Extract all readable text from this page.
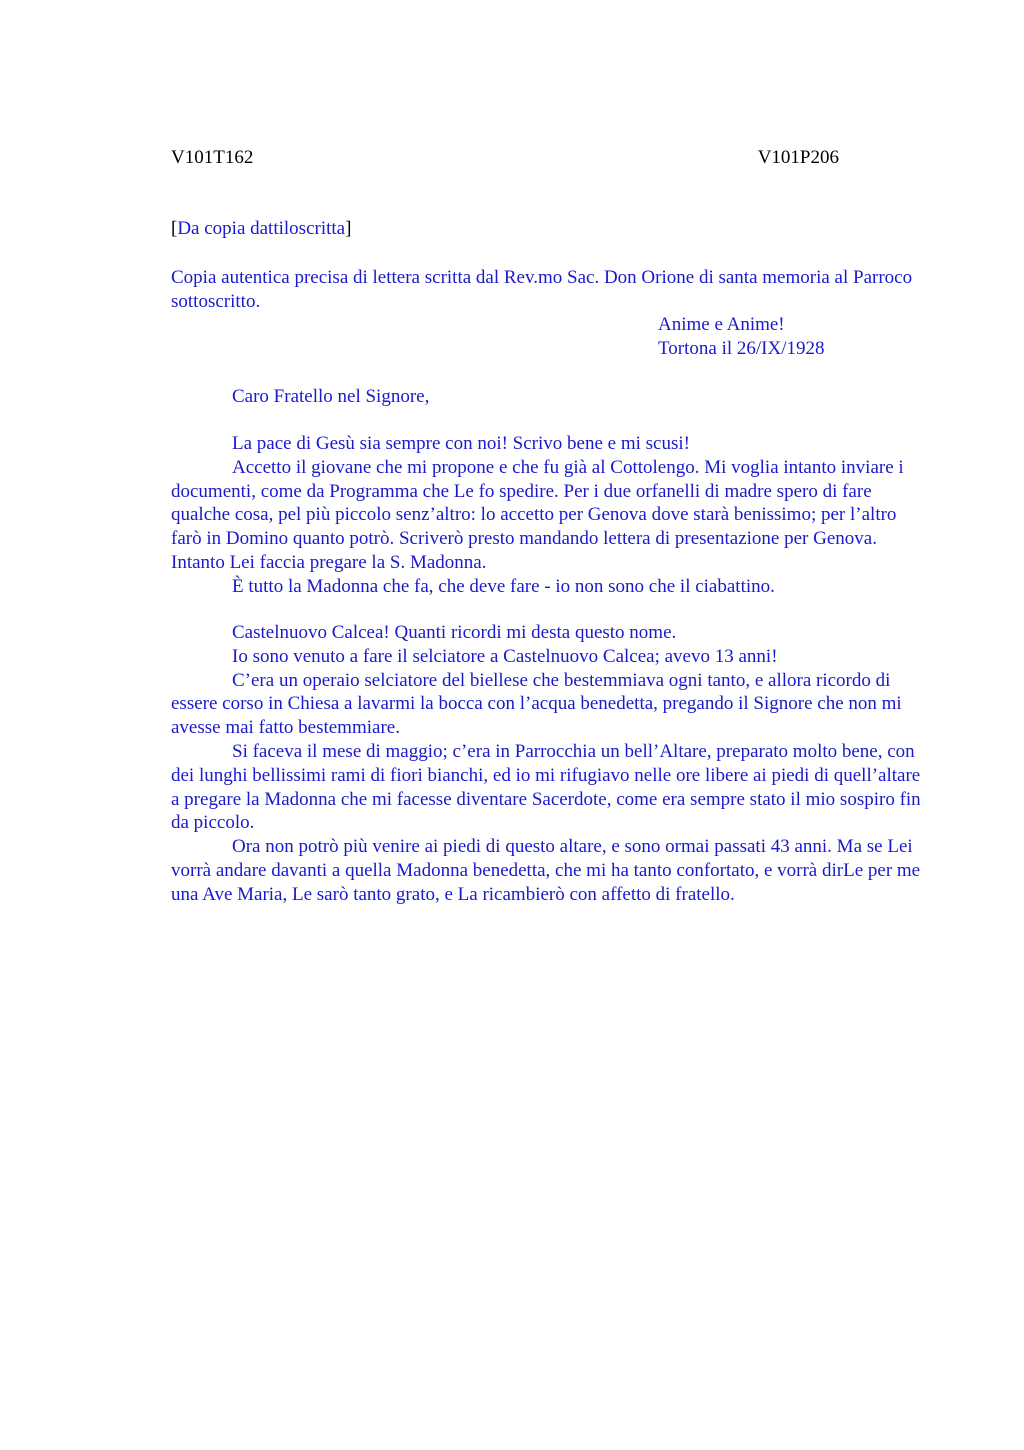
V101T162	V101P206
[Da copia dattiloscritta]
Copia autentica precisa di lettera scritta dal Rev.mo Sac. Don Orione di santa memoria al Parroco sottoscritto.
Anime e Anime!
Tortona il 26/IX/1928
Caro Fratello nel Signore,

La pace di Gesù sia sempre con noi! Scrivo bene e mi scusi!

Accetto il giovane che mi propone e che fu già al Cottolengo. Mi voglia intanto inviare i documenti, come da Programma che Le fo spedire. Per i due orfanelli di madre spero di fare qualche cosa, pel più piccolo senz’altro: lo accetto per Genova dove starà benissimo; per l’altro farò in Domino quanto potrò. Scriverò presto mandando lettera di presentazione per Genova. Intanto Lei faccia pregare la S. Madonna.

È tutto la Madonna che fa, che deve fare - io non sono che il ciabattino.

Castelnuovo Calcea! Quanti ricordi mi desta questo nome.

Io sono venuto a fare il selciatore a Castelnuovo Calcea; avevo 13 anni!

C’era un operaio selciatore del biellese che bestemmiava ogni tanto, e allora ricordo di essere corso in Chiesa a lavarmi la bocca con l’acqua benedetta, pregando il Signore che non mi avesse mai fatto bestemmiare.

Si faceva il mese di maggio; c’era in Parrocchia un bell’Altare, preparato molto bene, con dei lunghi bellissimi rami di fiori bianchi, ed io mi rifugiavo nelle ore libere ai piedi di quell’altare a pregare la Madonna che mi facesse diventare Sacerdote, come era sempre stato il mio sospiro fin da piccolo.

Ora non potrò più venire ai piedi di questo altare, e sono ormai passati 43 anni. Ma se Lei vorrà andare davanti a quella Madonna benedetta, che mi ha tanto confortato, e vorrà dirLe per me una Ave Maria, Le sarò tanto grato, e La ricambierò con affetto di fratello.
